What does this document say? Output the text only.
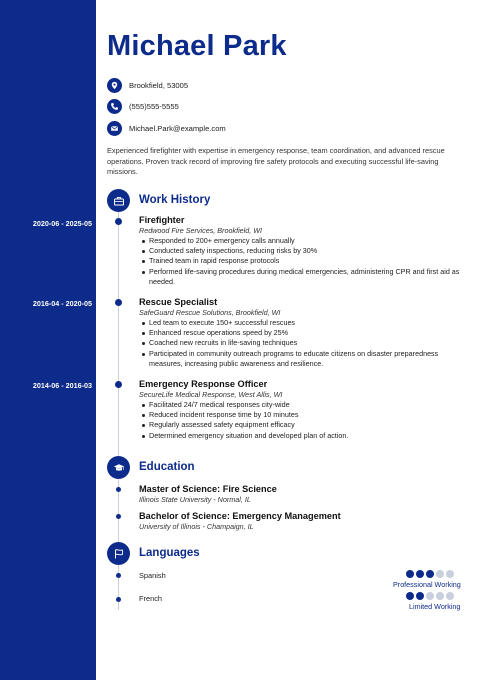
2020-06 - 2025-05
2016-04 - 2020-05
2014-06 - 2016-03
Michael Park
Brookfield, 53005
(555)555-5555
Michael.Park@example.com
Experienced firefighter with expertise in emergency response, team coordination, and advanced rescue operations. Proven track record of improving fire safety protocols and executing successful life-saving missions.
Work History
Firefighter
Redwood Fire Services, Brookfield, WI
Responded to 200+ emergency calls annually
Conducted safety inspections, reducing risks by 30%
Trained team in rapid response protocols
Performed life-saving procedures during medical emergencies, administering CPR and first aid as needed.
Rescue Specialist
SafeGuard Rescue Solutions, Brookfield, WI
Led team to execute 150+ successful rescues
Enhanced rescue operations speed by 25%
Coached new recruits in life-saving techniques
Participated in community outreach programs to educate citizens on disaster preparedness measures, increasing public awareness and resilience.
Emergency Response Officer
SecureLife Medical Response, West Allis, WI
Facilitated 24/7 medical responses city-wide
Reduced incident response time by 10 minutes
Regularly assessed safety equipment efficacy
Determined emergency situation and developed plan of action.
Education
Master of Science: Fire Science
Illinois State University - Normal, IL
Bachelor of Science: Emergency Management
University of Illinois - Champaign, IL
Languages
Spanish
Professional Working
French
Limited Working
